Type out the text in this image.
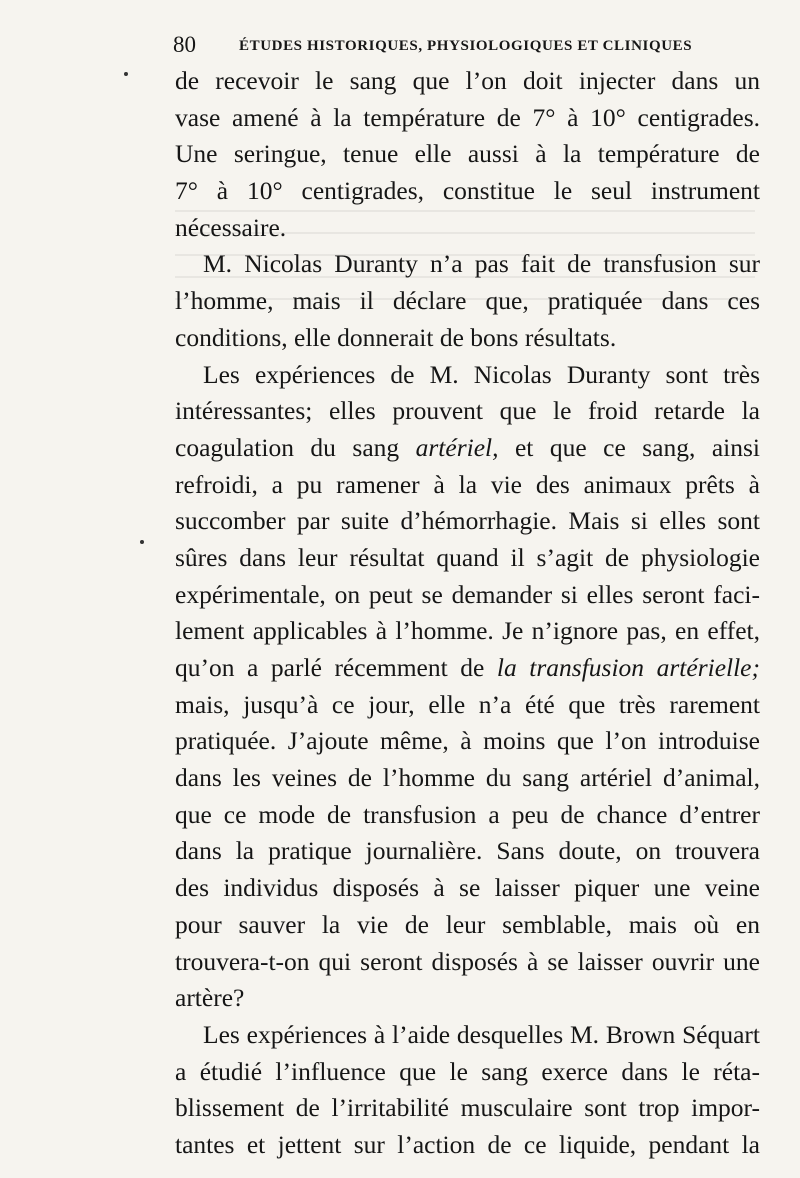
80	ÉTUDES HISTORIQUES, PHYSIOLOGIQUES ET CLINIQUES
de recevoir le sang que l’on doit injecter dans un
vase amené à la température de 7° à 10° centigrades.
Une seringue, tenue elle aussi à la température de
7° à 10° centigrades, constitue le seul instrument
nécessaire.
M. Nicolas Duranty n’a pas fait de transfusion sur
l’homme, mais il déclare que, pratiquée dans ces
conditions, elle donnerait de bons résultats.
Les expériences de M. Nicolas Duranty sont très
intéressantes; elles prouvent que le froid retarde la
coagulation du sang artériel, et que ce sang, ainsi
refroidi, a pu ramener à la vie des animaux prêts à
succomber par suite d’hémorrhagie. Mais si elles sont
sûres dans leur résultat quand il s’agit de physiologie
expérimentale, on peut se demander si elles seront faci-
lement applicables à l’homme. Je n’ignore pas, en effet,
qu’on a parlé récemment de la transfusion artérielle;
mais, jusqu’à ce jour, elle n’a été que très rarement
pratiquée. J’ajoute même, à moins que l’on introduise
dans les veines de l’homme du sang artériel d’animal,
que ce mode de transfusion a peu de chance d’entrer
dans la pratique journalière. Sans doute, on trouvera
des individus disposés à se laisser piquer une veine
pour sauver la vie de leur semblable, mais où en
trouvera-t-on qui seront disposés à se laisser ouvrir une
artère?
Les expériences à l’aide desquelles M. Brown Séquart
a étudié l’influence que le sang exerce dans le réta-
blissement de l’irritabilité musculaire sont trop impor-
tantes et jettent sur l’action de ce liquide, pendant la
